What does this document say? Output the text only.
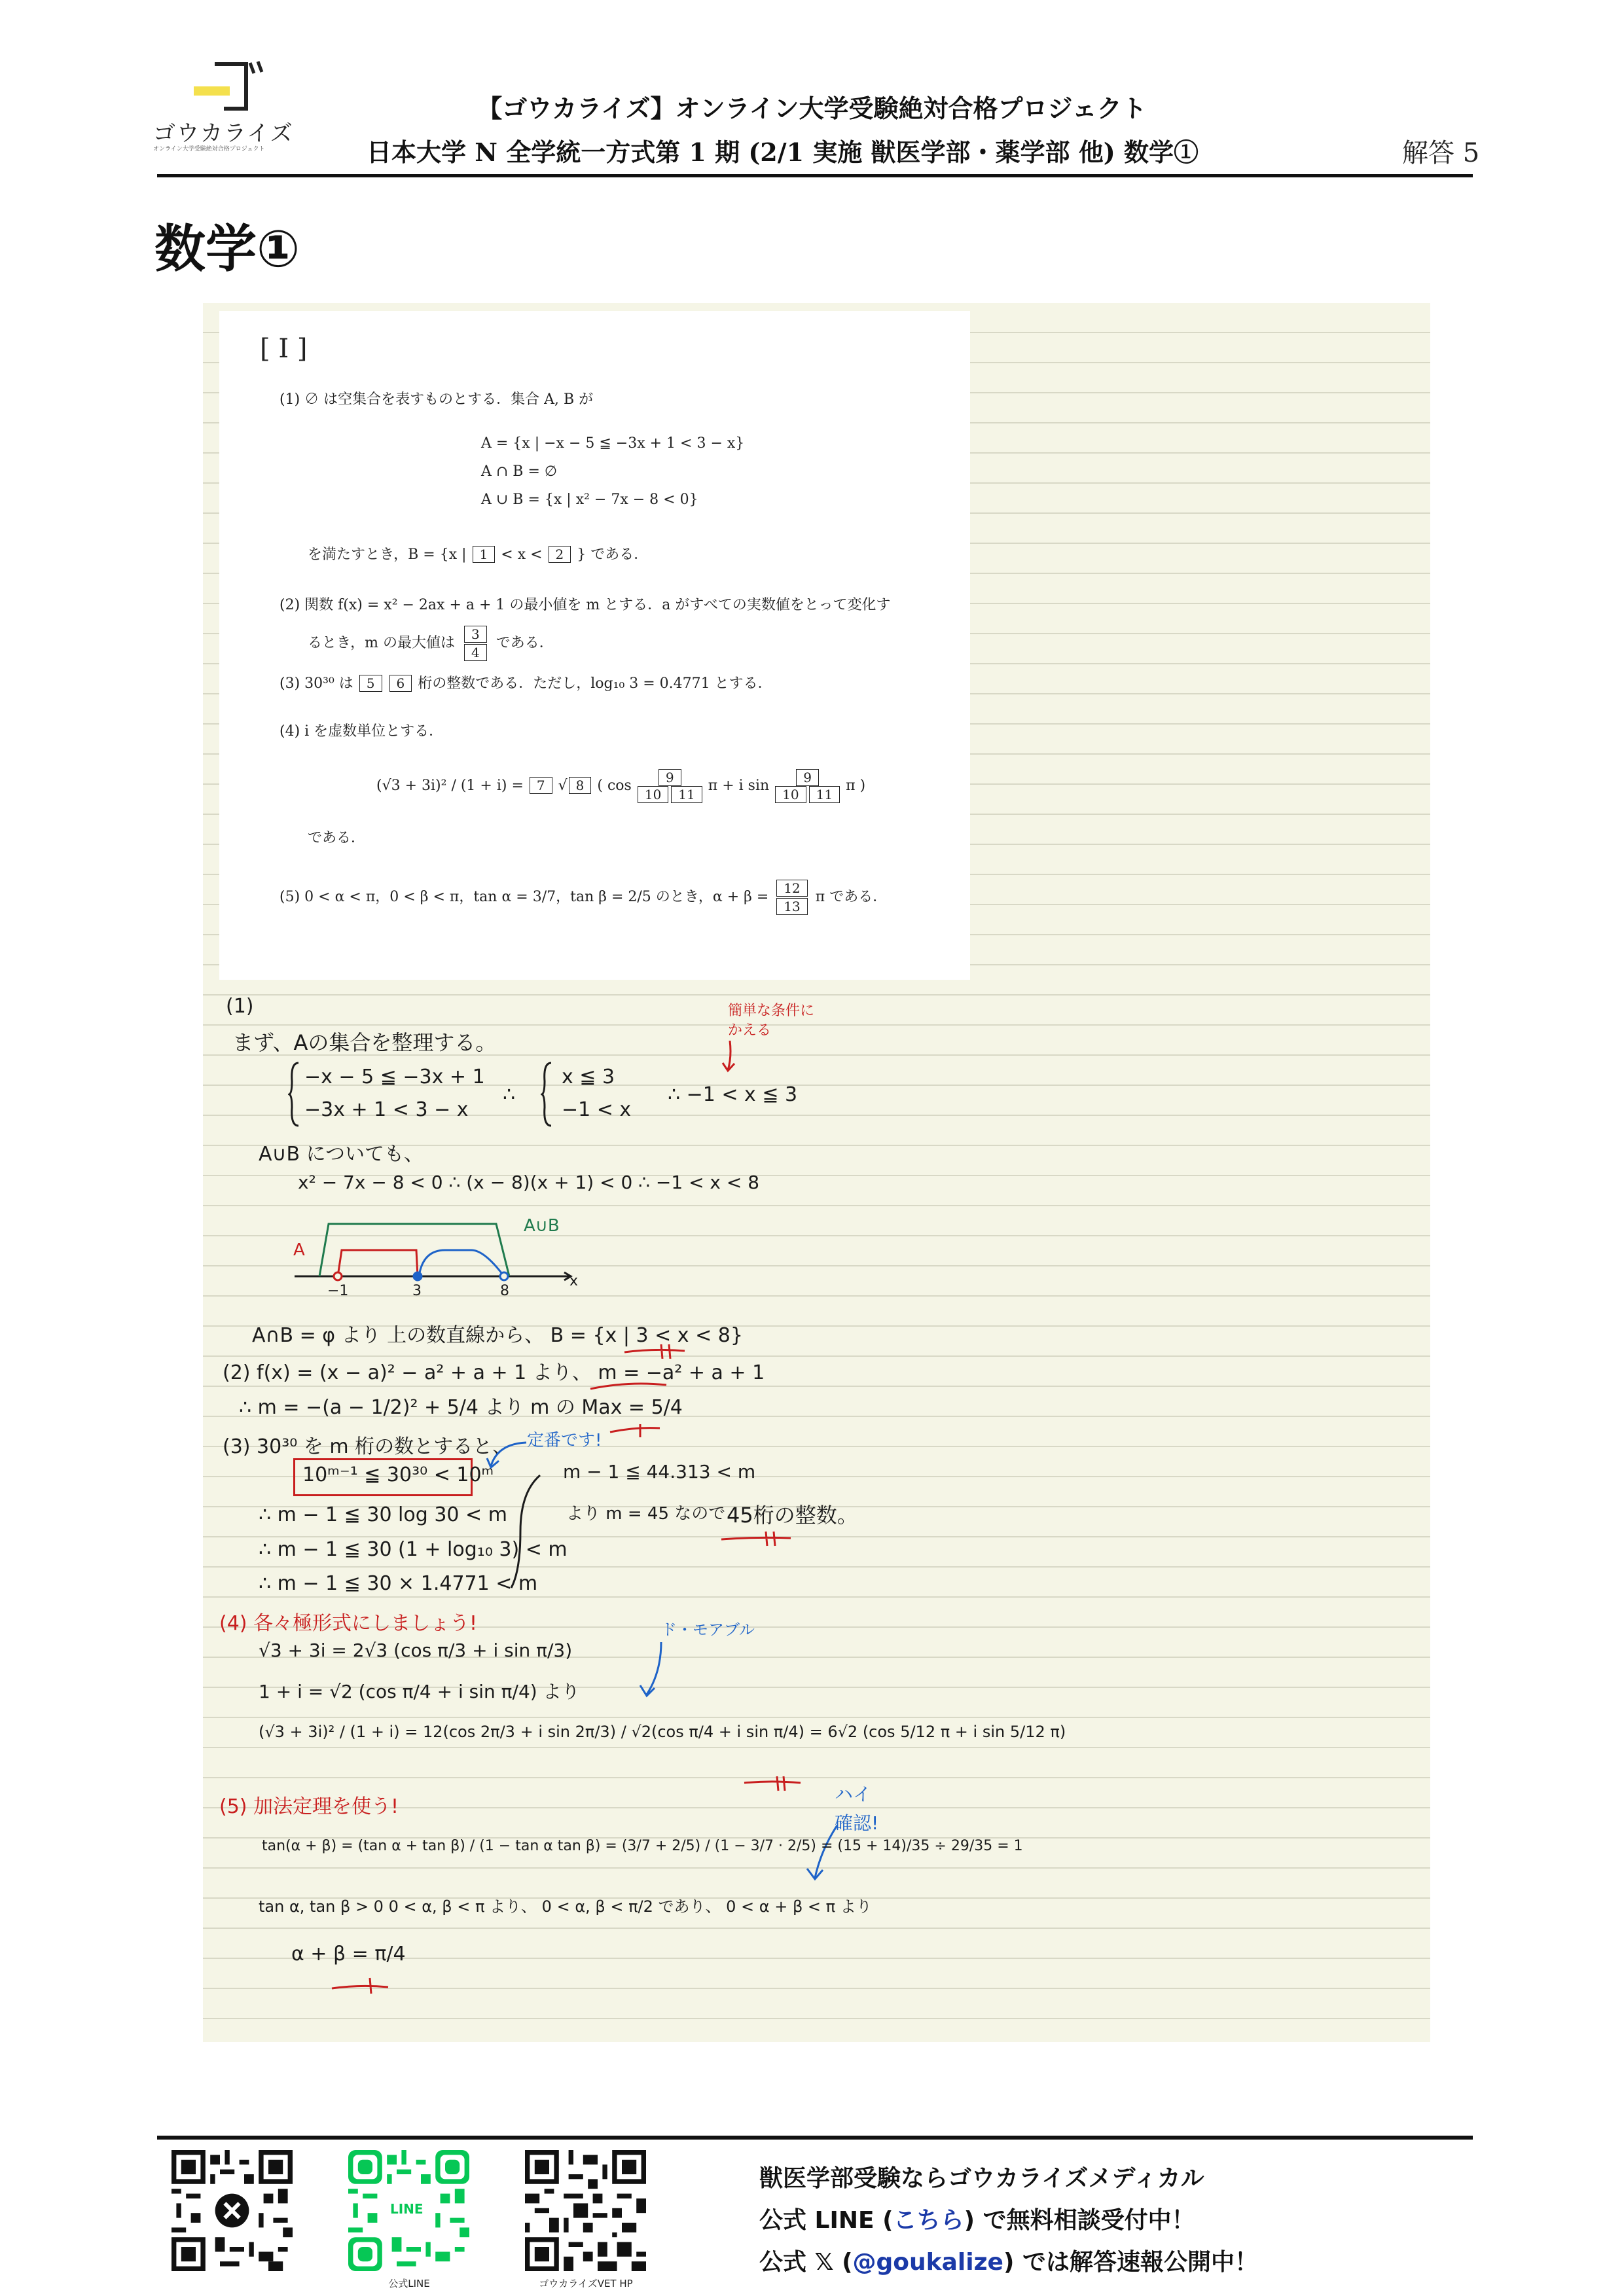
ゴウカライズ
オンライン大学受験絶対合格プロジェクト
【ゴウカライズ】オンライン大学受験絶対合格プロジェクト
日本大学 N 全学統一方式第 1 期 (2/1 実施 獣医学部・薬学部 他) 数学①	解答 5
数学①
[ I ]
(1) ∅ は空集合を表すものとする．集合 A, B が
A = {x | −x − 5 ≦ −3x + 1 < 3 − x}
A ∩ B = ∅
A ∪ B = {x | x² − 7x − 8 < 0}
を満たすとき，B = {x | 1 < x < 2 } である．
(2) 関数 f(x) = x² − 2ax + a + 1 の最小値を m とする．a がすべての実数値をとって変化す
るとき，m の最大値は $\frac{3}{4}$ である．
(3) 30³⁰ は 5 6 桁の整数である．ただし，log₁₀ 3 = 0.4771 とする．
(4) i を虚数単位とする．
(√3 + 3i)² / (1 + i) = 7 √ 8 ( $\cos \frac{9}{10 11}$ π + i $\sin \frac{9}{10 11}$ π )
である．
(5) 0 < α < π，0 < β < π，tan α = 3/7，tan β = 2/5 のとき，$\alpha + \beta = \frac{12}{13}$ π である．
(1)
まず、Aの集合を整理する。
簡単な条件に
かえる
−x − 5 ≦ −3x + 1
−3x + 1 < 3 − x
∴
x ≦ 3
−1 < x
∴ −1 < x ≦ 3
A∪B についても、
x² − 7x − 8 < 0 ∴ (x − 8)(x + 1) < 0 ∴ −1 < x < 8
A
A∪B
x
−1	3	8
A∩B = φ より 上の数直線から、 B = {x | 3 < x < 8}
(2) f(x) = (x − a)² − a² + a + 1 より、 m = −a² + a + 1
∴ m = −(a − 1/2)² + 5/4 より m の Max = 5/4
(3) 30³⁰ を m 桁の数とすると、 定番です!
10ᵐ⁻¹ ≦ 30³⁰ < 10ᵐ
∴ m − 1 ≦ 30 log 30 < m
∴ m − 1 ≦ 30 (1 + log₁₀ 3) < m
∴ m − 1 ≦ 30 × 1.4771 < m
m − 1 ≦ 44.313 < m
より m = 45 なので 45桁の整数。
(4) 各々極形式にしましょう!	ド・モアブル
√3 + 3i = 2√3 (cos π/3 + i sin π/3)
1 + i = √2 (cos π/4 + i sin π/4) より
(√3 + 3i)² / (1 + i) = 12(cos 2π/3 + i sin 2π/3) / √2(cos π/4 + i sin π/4) = 6√2 (cos 5/12 π + i sin 5/12 π)
(5) 加法定理を使う!
ハイ
確認!
tan(α + β) = (tan α + tan β) / (1 − tan α tan β) = (3/7 + 2/5) / (1 − 3/7 · 2/5) = (15 + 14)/35 ÷ 29/35 = 1
tan α, tan β > 0 0 < α, β < π より、 0 < α, β < π/2 であり、 0 < α + β < π より
α + β = π/4
LINE
公式LINE	ゴウカライズVET HP
獣医学部受験ならゴウカライズメディカル
公式 LINE (こちら) で無料相談受付中！
公式 𝕏 (@goukalize) では解答速報公開中！
